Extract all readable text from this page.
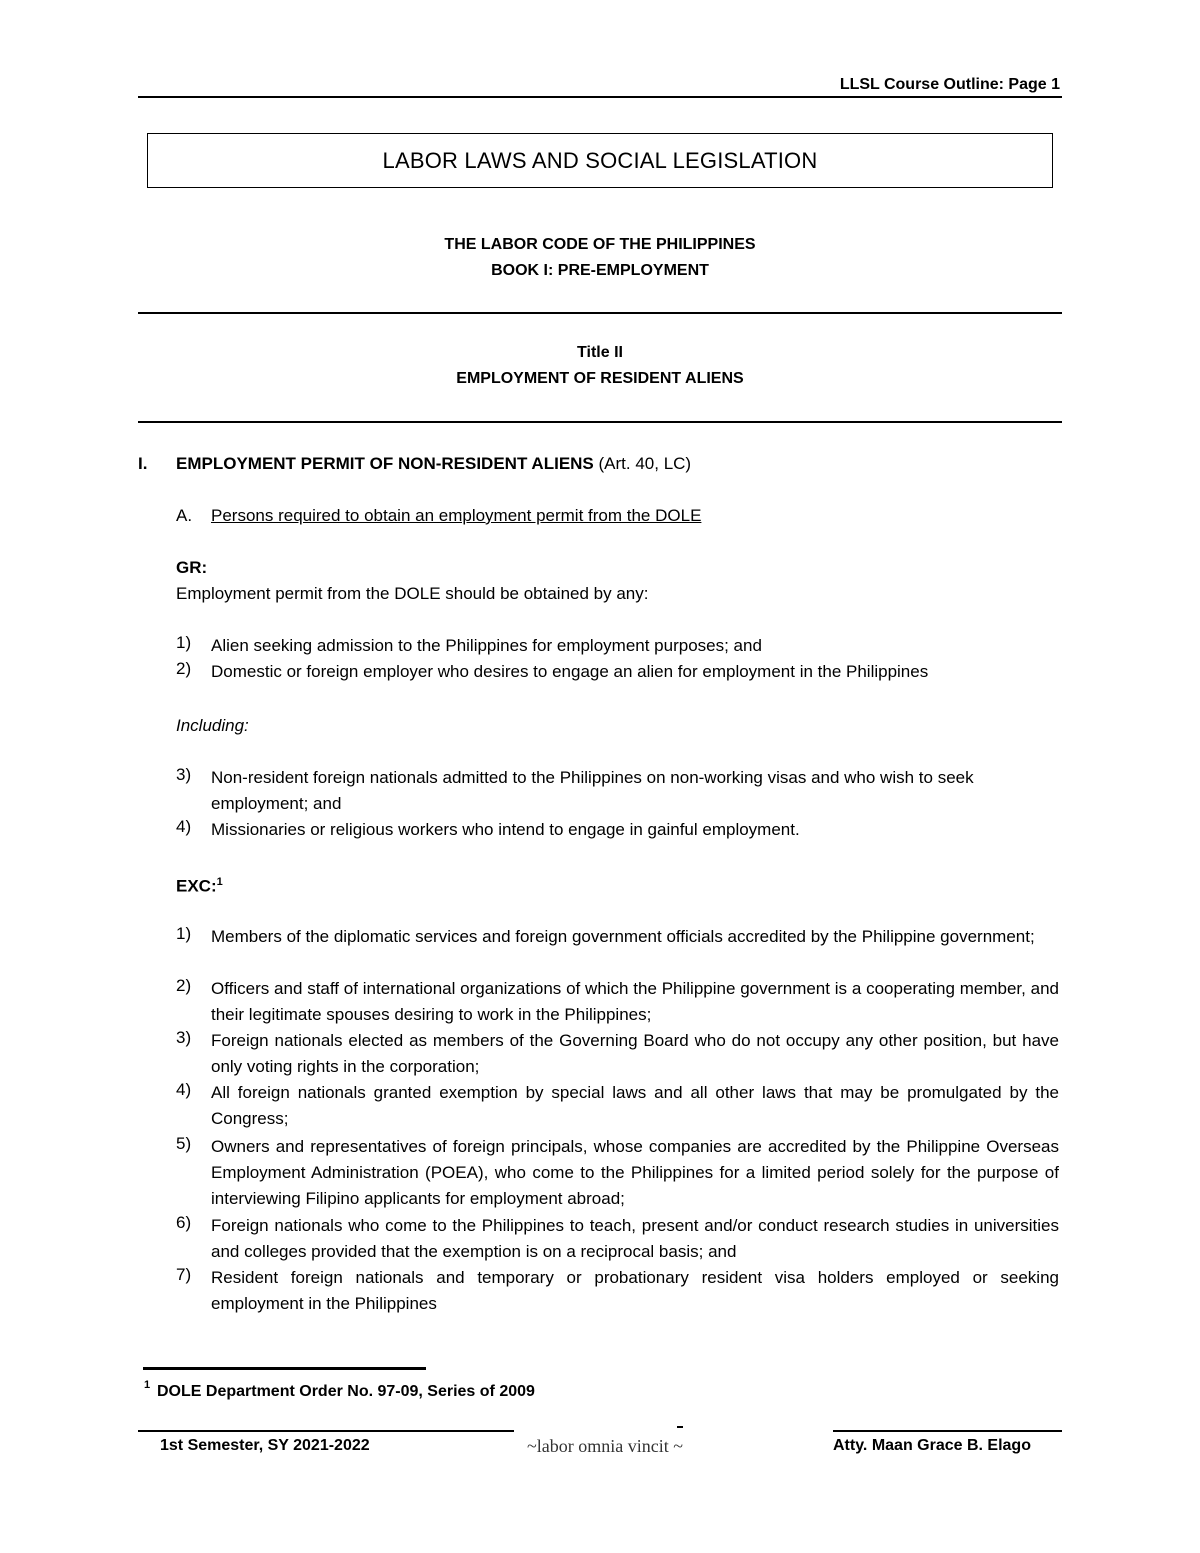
LLSL Course Outline: Page 1
LABOR LAWS AND SOCIAL LEGISLATION
THE LABOR CODE OF THE PHILIPPINES
BOOK I: PRE-EMPLOYMENT
Title II
EMPLOYMENT OF RESIDENT ALIENS
I. EMPLOYMENT PERMIT OF NON-RESIDENT ALIENS (Art. 40, LC)
A. Persons required to obtain an employment permit from the DOLE
GR:
Employment permit from the DOLE should be obtained by any:
1)	Alien seeking admission to the Philippines for employment purposes; and
2)	Domestic or foreign employer who desires to engage an alien for employment in the Philippines
Including:
3)	Non-resident foreign nationals admitted to the Philippines on non-working visas and who wish to seek employment; and
4)	Missionaries or religious workers who intend to engage in gainful employment.
EXC:$^1$
1)	Members of the diplomatic services and foreign government officials accredited by the Philippine government;
2)	Officers and staff of international organizations of which the Philippine government is a cooperating member, and their legitimate spouses desiring to work in the Philippines;
3)	Foreign nationals elected as members of the Governing Board who do not occupy any other position, but have only voting rights in the corporation;
4)	All foreign nationals granted exemption by special laws and all other laws that may be promulgated by the Congress;
5)	Owners and representatives of foreign principals, whose companies are accredited by the Philippine Overseas Employment Administration (POEA), who come to the Philippines for a limited period solely for the purpose of interviewing Filipino applicants for employment abroad;
6)	Foreign nationals who come to the Philippines to teach, present and/or conduct research studies in universities and colleges provided that the exemption is on a reciprocal basis; and
7)	Resident foreign nationals and temporary or probationary resident visa holders employed or seeking employment in the Philippines
1 DOLE Department Order No. 97-09, Series of 2009
1st Semester, SY 2021-2022	~labor omnia vincit ~	Atty. Maan Grace B. Elago
